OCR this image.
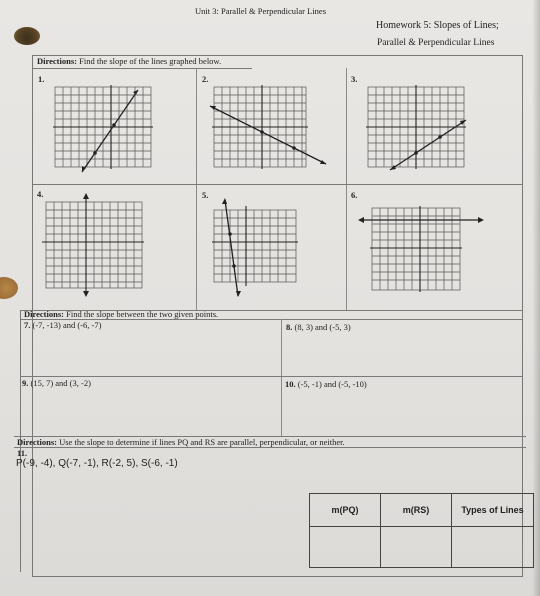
Unit 3: Parallel & Perpendicular Lines
Homework 5: Slopes of Lines;
Parallel & Perpendicular Lines
Directions: Find the slope of the lines graphed below.
1.	2.	3.
4.	5.	6.
Directions: Find the slope between the two given points.
7. (-7, -13) and (-6, -7)	8. (8, 3) and (-5, 3)
9. (15, 7) and (3, -2)	10. (-5, -1) and (-5, -10)
Directions: Use the slope to determine if lines PQ and RS are parallel, perpendicular, or neither.
11.
P(-9, -4), Q(-7, -1), R(-2, 5), S(-6, -1)
m(PQ)	m(RS)	Types of Lines
